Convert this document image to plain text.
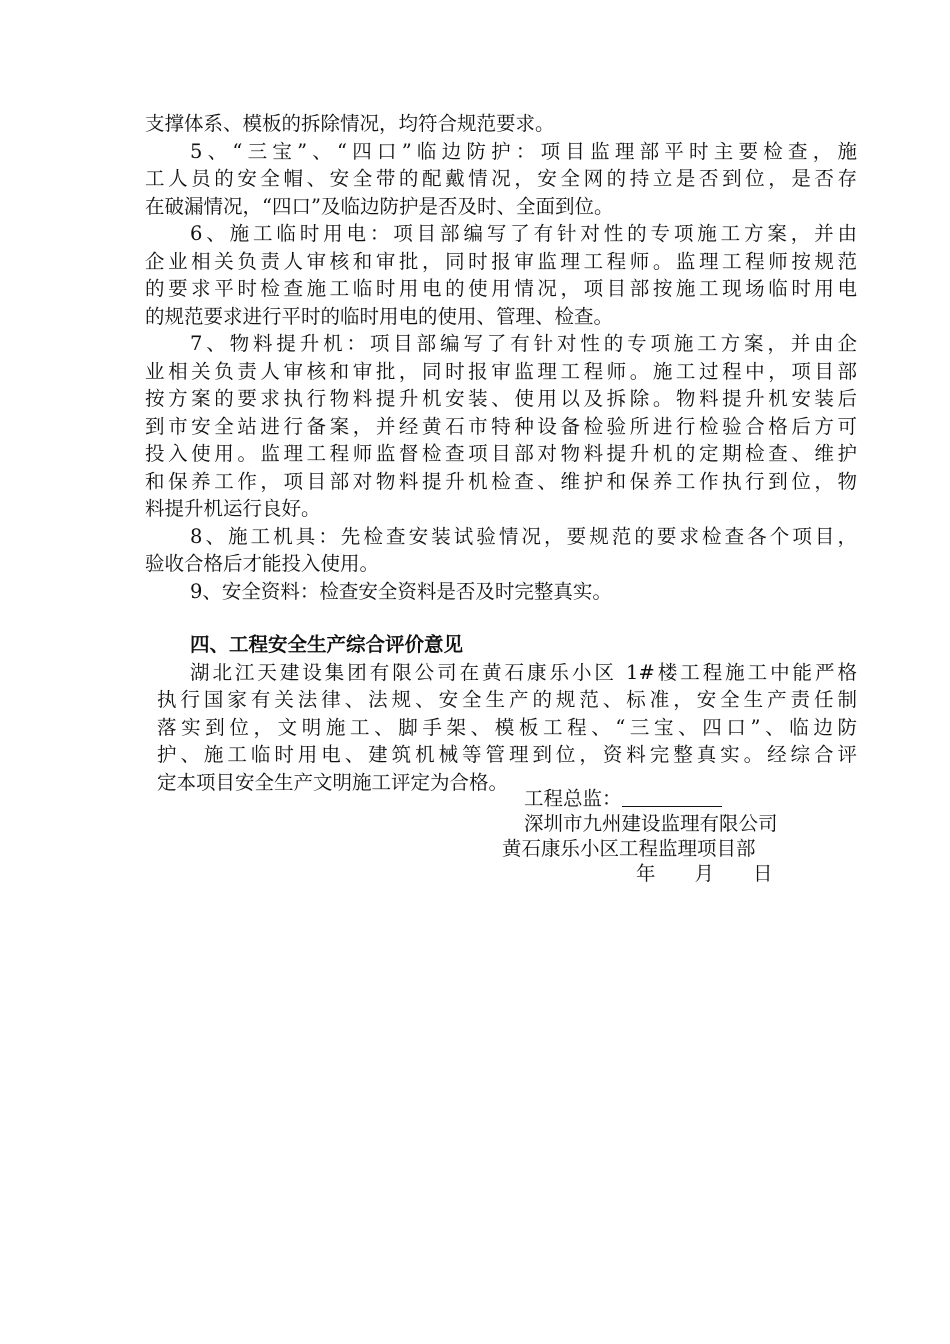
支撑体系、模板的拆除情况，均符合规范要求。

5、“三宝”、“四口”临边防护：项目监理部平时主要检查，施

工人员的安全帽、安全带的配戴情况，安全网的持立是否到位，是否存

在破漏情况，“四口”及临边防护是否及时、全面到位。

6、施工临时用电：项目部编写了有针对性的专项施工方案，并由

企业相关负责人审核和审批，同时报审监理工程师。监理工程师按规范

的要求平时检查施工临时用电的使用情况，项目部按施工现场临时用电

的规范要求进行平时的临时用电的使用、管理、检查。

7、物料提升机：项目部编写了有针对性的专项施工方案，并由企

业相关负责人审核和审批，同时报审监理工程师。施工过程中，项目部

按方案的要求执行物料提升机安装、使用以及拆除。物料提升机安装后

到市安全站进行备案，并经黄石市特种设备检验所进行检验合格后方可

投入使用。监理工程师监督检查项目部对物料提升机的定期检查、维护

和保养工作，项目部对物料提升机检查、维护和保养工作执行到位，物

料提升机运行良好。

8、施工机具：先检查安装试验情况，要规范的要求检查各个项目，

验收合格后才能投入使用。

9、安全资料：检查安全资料是否及时完整真实。

四、工程安全生产综合评价意见

湖北江天建设集团有限公司在黄石康乐小区 1#楼工程施工中能严格

执行国家有关法律、法规、安全生产的规范、标准，安全生产责任制

落实到位，文明施工、脚手架、模板工程、“三宝、四口”、临边防

护、施工临时用电、建筑机械等管理到位，资料完整真实。经综合评

定本项目安全生产文明施工评定为合格。

工程总监：
深圳市九州建设监理有限公司
黄石康乐小区工程监理项目部
年　　月　　日
